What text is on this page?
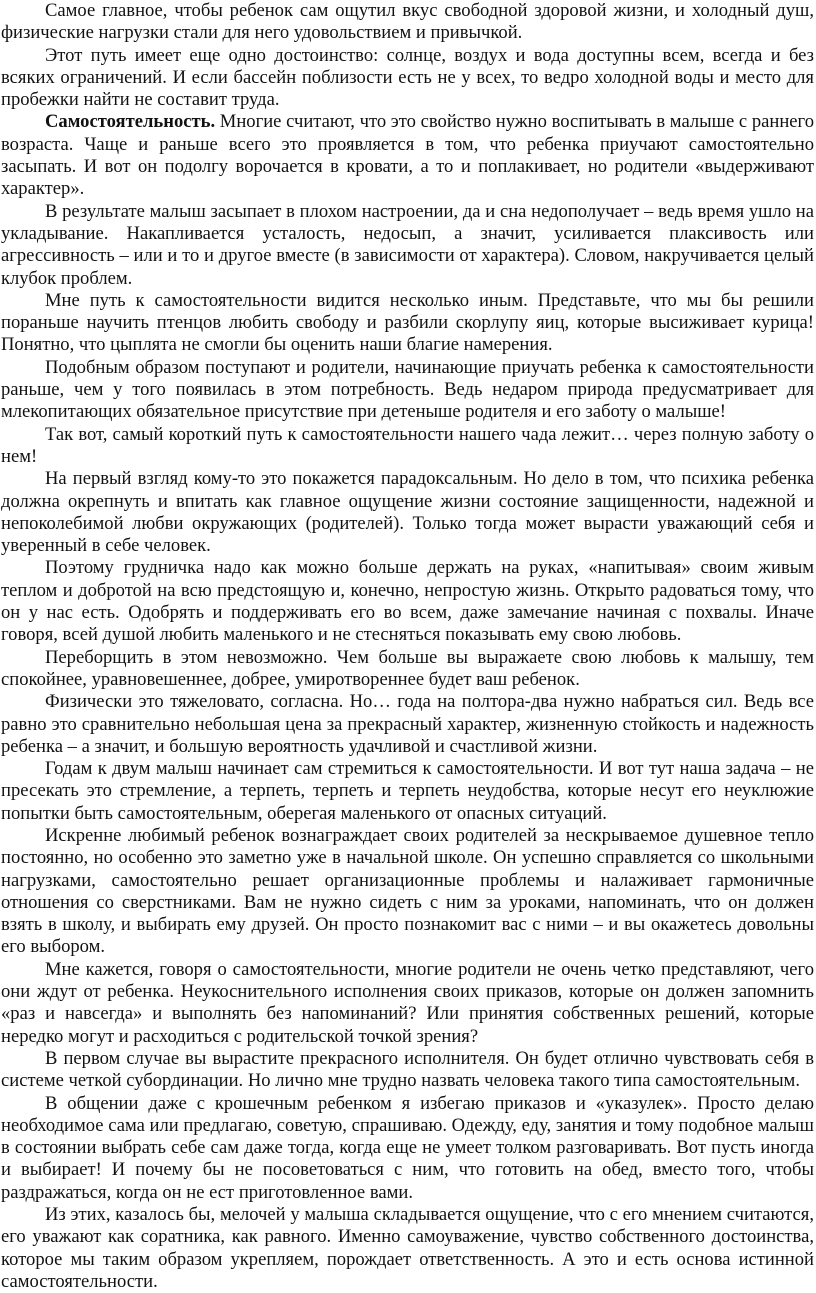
Самое главное, чтобы ребенок сам ощутил вкус свободной здоровой жизни, и холодный душ, физические нагрузки стали для него удовольствием и привычкой.

Этот путь имеет еще одно достоинство: солнце, воздух и вода доступны всем, всегда и без всяких ограничений. И если бассейн поблизости есть не у всех, то ведро холодной воды и место для пробежки найти не составит труда.

Самостоятельность. Многие считают, что это свойство нужно воспитывать в малыше с раннего возраста. Чаще и раньше всего это проявляется в том, что ребенка приучают самостоятельно засыпать. И вот он подолгу ворочается в кровати, а то и поплакивает, но родители «выдерживают характер».

В результате малыш засыпает в плохом настроении, да и сна недополучает – ведь время ушло на укладывание. Накапливается усталость, недосып, а значит, усиливается плаксивость или агрессивность – или и то и другое вместе (в зависимости от характера). Словом, накручивается целый клубок проблем.

Мне путь к самостоятельности видится несколько иным. Представьте, что мы бы решили пораньше научить птенцов любить свободу и разбили скорлупу яиц, которые высиживает курица! Понятно, что цыплята не смогли бы оценить наши благие намерения.

Подобным образом поступают и родители, начинающие приучать ребенка к самостоятельности раньше, чем у того появилась в этом потребность. Ведь недаром природа предусматривает для млекопитающих обязательное присутствие при детеныше родителя и его заботу о малыше!

Так вот, самый короткий путь к самостоятельности нашего чада лежит… через полную заботу о нем!

На первый взгляд кому-то это покажется парадоксальным. Но дело в том, что психика ребенка должна окрепнуть и впитать как главное ощущение жизни состояние защищенности, надежной и непоколебимой любви окружающих (родителей). Только тогда может вырасти уважающий себя и уверенный в себе человек.

Поэтому грудничка надо как можно больше держать на руках, «напитывая» своим живым теплом и добротой на всю предстоящую и, конечно, непростую жизнь. Открыто радоваться тому, что он у нас есть. Одобрять и поддерживать его во всем, даже замечание начиная с похвалы. Иначе говоря, всей душой любить маленького и не стесняться показывать ему свою любовь.

Переборщить в этом невозможно. Чем больше вы выражаете свою любовь к малышу, тем спокойнее, уравновешеннее, добрее, умиротвореннее будет ваш ребенок.

Физически это тяжеловато, согласна. Но… года на полтора-два нужно набраться сил. Ведь все равно это сравнительно небольшая цена за прекрасный характер, жизненную стойкость и надежность ребенка – а значит, и большую вероятность удачливой и счастливой жизни.

Годам к двум малыш начинает сам стремиться к самостоятельности. И вот тут наша задача – не пресекать это стремление, а терпеть, терпеть и терпеть неудобства, которые несут его неуклюжие попытки быть самостоятельным, оберегая маленького от опасных ситуаций.

Искренне любимый ребенок вознаграждает своих родителей за нескрываемое душевное тепло постоянно, но особенно это заметно уже в начальной школе. Он успешно справляется со школьными нагрузками, самостоятельно решает организационные проблемы и налаживает гармоничные отношения со сверстниками. Вам не нужно сидеть с ним за уроками, напоминать, что он должен взять в школу, и выбирать ему друзей. Он просто познакомит вас с ними – и вы окажетесь довольны его выбором.

Мне кажется, говоря о самостоятельности, многие родители не очень четко представляют, чего они ждут от ребенка. Неукоснительного исполнения своих приказов, которые он должен запомнить «раз и навсегда» и выполнять без напоминаний? Или принятия собственных решений, которые нередко могут и расходиться с родительской точкой зрения?

В первом случае вы вырастите прекрасного исполнителя. Он будет отлично чувствовать себя в системе четкой субординации. Но лично мне трудно назвать человека такого типа самостоятельным.

В общении даже с крошечным ребенком я избегаю приказов и «указулек». Просто делаю необходимое сама или предлагаю, советую, спрашиваю. Одежду, еду, занятия и тому подобное малыш в состоянии выбрать себе сам даже тогда, когда еще не умеет толком разговаривать. Вот пусть иногда и выбирает! И почему бы не посоветоваться с ним, что готовить на обед, вместо того, чтобы раздражаться, когда он не ест приготовленное вами.

Из этих, казалось бы, мелочей у малыша складывается ощущение, что с его мнением считаются, его уважают как соратника, как равного. Именно самоуважение, чувство собственного достоинства, которое мы таким образом укрепляем, порождает ответственность. А это и есть основа истинной самостоятельности.
